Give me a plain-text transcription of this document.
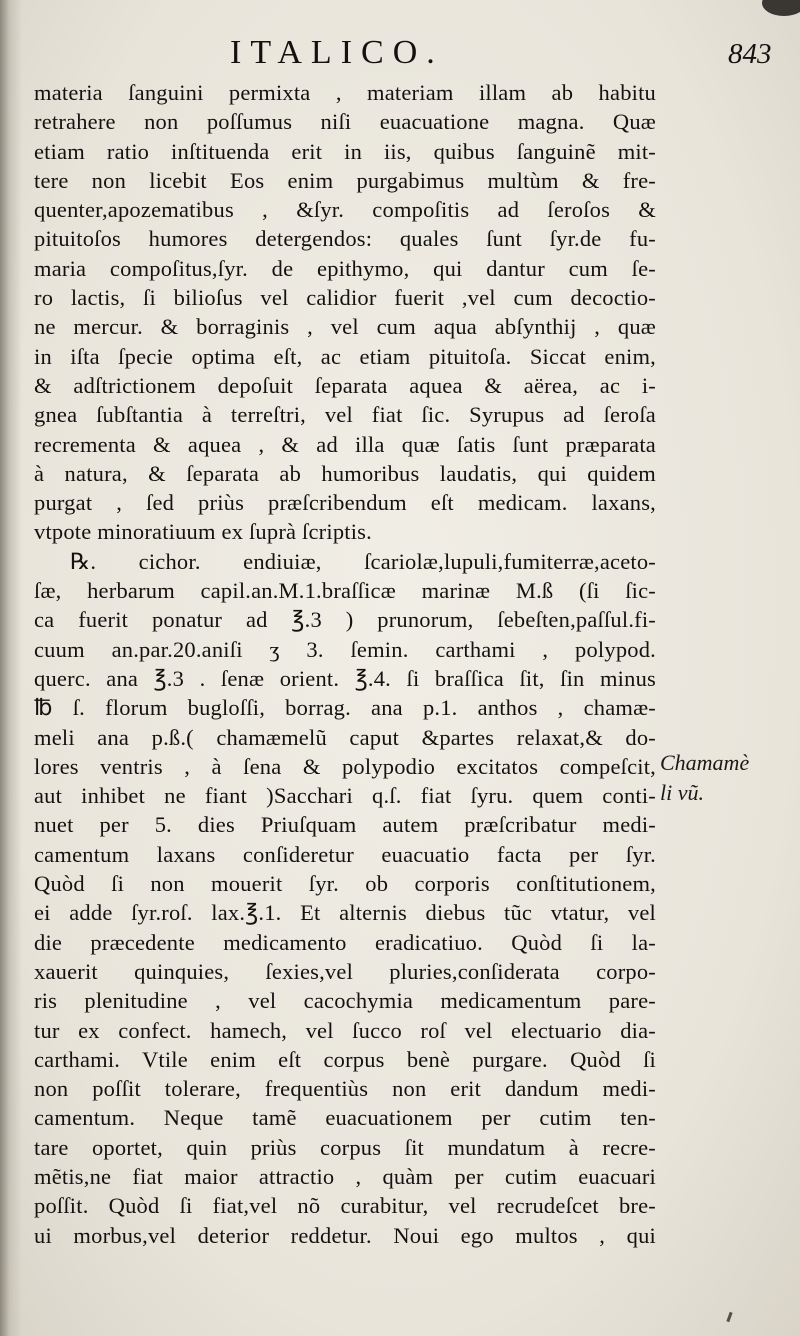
ITALICO.	843
materia ſanguini permixta , materiam illam ab habitu
retrahere non poſſumus niſi euacuatione magna. Quæ
etiam ratio inſtituenda erit in iis, quibus ſanguinẽ mit-
tere non licebit Eos enim purgabimus multùm & fre-
quenter,apozematibus , &ſyr. compoſitis ad ſeroſos &
pituitoſos humores detergendos: quales ſunt ſyr.de fu-
maria compoſitus,ſyr. de epithymo, qui dantur cum ſe-
ro lactis, ſi bilioſus vel calidior fuerit ,vel cum decoctio-
ne mercur. & borraginis , vel cum aqua abſynthij , quæ
in iſta ſpecie optima eſt, ac etiam pituitoſa. Siccat enim,
& adſtrictionem depoſuit ſeparata aquea & aërea, ac i-
gnea ſubſtantia à terreſtri, vel fiat ſic. Syrupus ad ſeroſa
recrementa & aquea , & ad illa quæ ſatis ſunt præparata
à natura, & ſeparata ab humoribus laudatis, qui quidem
purgat , ſed priùs præſcribendum eſt medicam. laxans,
vtpote minoratiuum ex ſuprà ſcriptis.
℞. cichor. endiuiæ, ſcariolæ,lupuli,fumiterræ,aceto-
ſæ, herbarum capil.an.M.1.braſſicæ marinæ M.ß (ſi ſic-
ca fuerit ponatur ad ℥.3 ) prunorum, ſebeſten,paſſul.fi-
cuum an.par.20.aniſi ʒ 3. ſemin. carthami , polypod.
querc. ana ℥.3 . ſenæ orient. ℥.4. ſi braſſica ſit, ſin minus
℔ ſ. florum bugloſſi, borrag. ana p.1. anthos , chamæ-
meli ana p.ß.( chamæmelũ caput &partes relaxat,& do-
lores ventris , à ſena & polypodio excitatos compeſcit,
aut inhibet ne fiant )Sacchari q.ſ. fiat ſyru. quem conti-
nuet per 5. dies Priuſquam autem præſcribatur medi-
camentum laxans conſideretur euacuatio facta per ſyr.
Quòd ſi non mouerit ſyr. ob corporis conſtitutionem,
ei adde ſyr.roſ. lax.℥.1. Et alternis diebus tũc vtatur, vel
die præcedente medicamento eradicatiuo. Quòd ſi la-
xauerit quinquies, ſexies,vel pluries,conſiderata corpo-
ris plenitudine , vel cacochymia medicamentum pare-
tur ex confect. hamech, vel ſucco roſ vel electuario dia-
carthami. Vtile enim eſt corpus benè purgare. Quòd ſi
non poſſit tolerare, frequentiùs non erit dandum medi-
camentum. Neque tamẽ euacuationem per cutim ten-
tare oportet, quin priùs corpus ſit mundatum à recre-
mẽtis,ne fiat maior attractio , quàm per cutim euacuari
poſſit. Quòd ſi fiat,vel nõ curabitur, vel recrudeſcet bre-
ui morbus,vel deterior reddetur. Noui ego multos , qui
Chamamè
li vũ.
